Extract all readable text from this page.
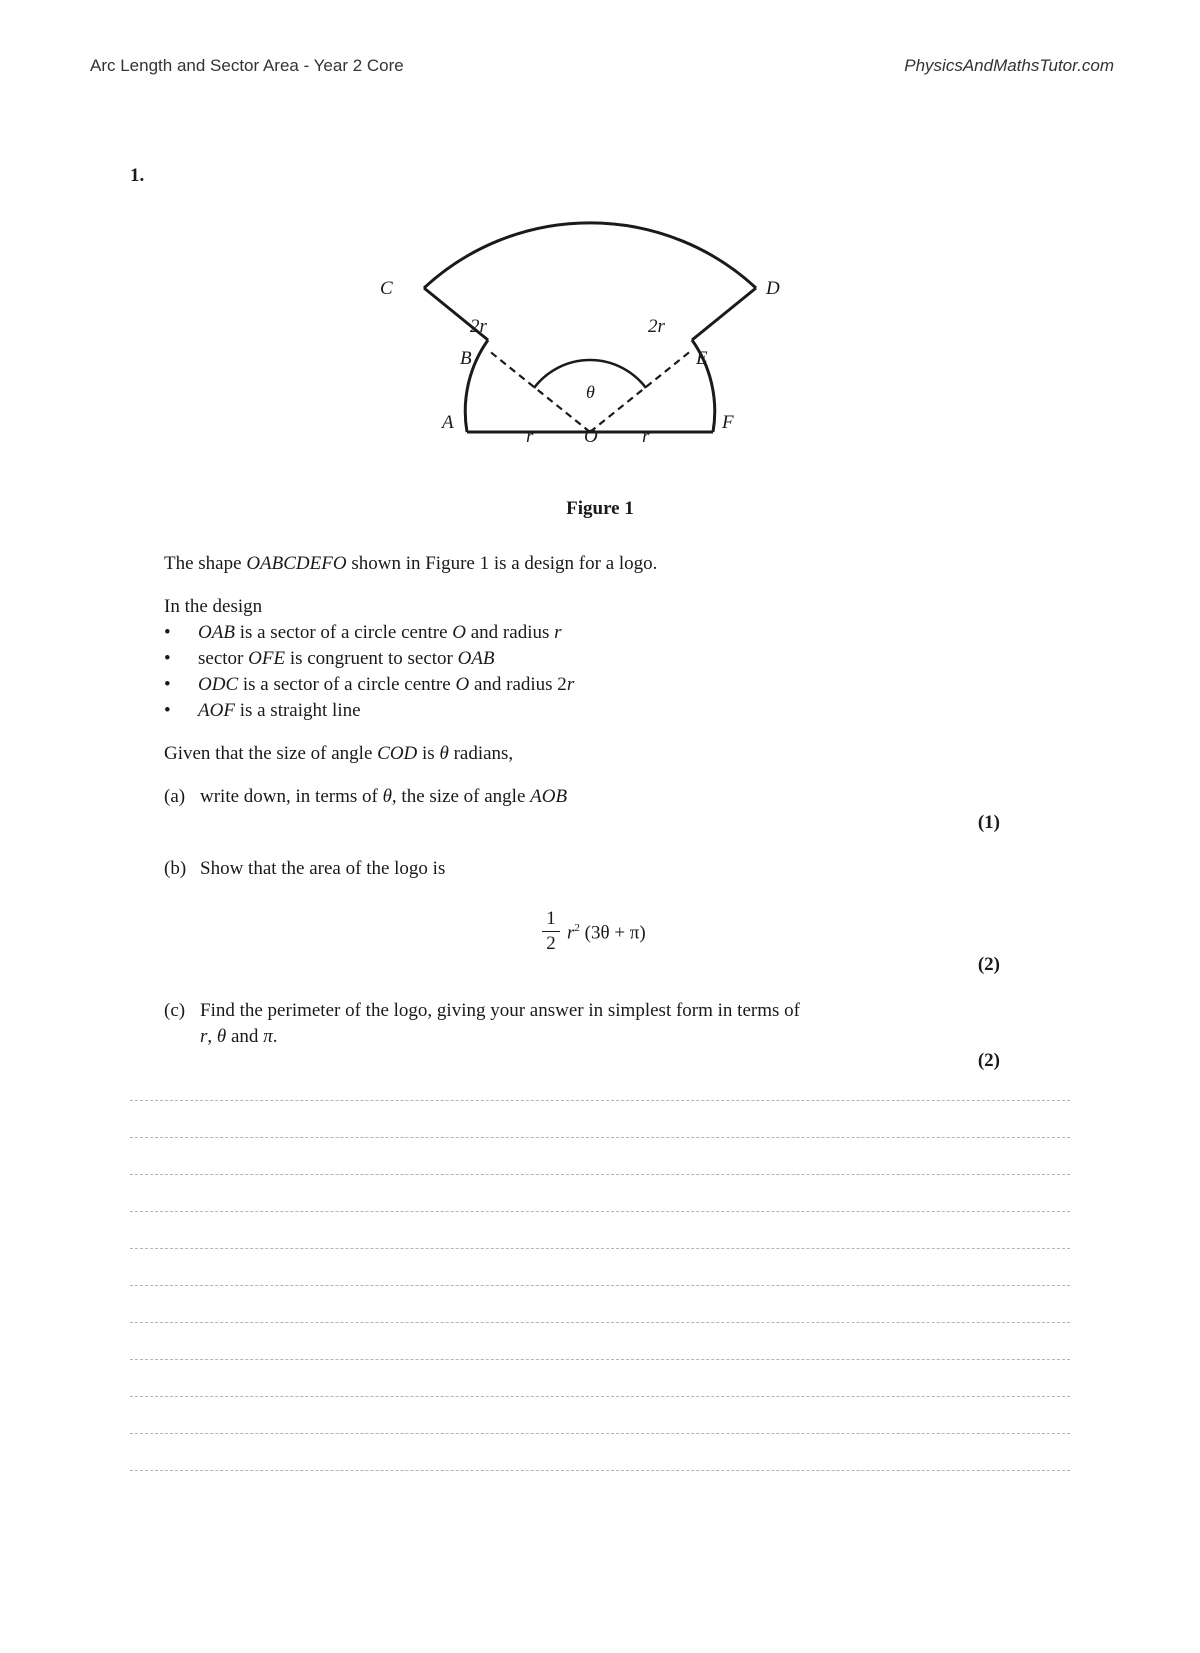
Arc Length and Sector Area - Year 2 Core	PhysicsAndMathsTutor.com
1.
C	D
2r	2r
B	E
θ
A	F
r	O r
Figure 1
The shape OABCDEFO shown in Figure 1 is a design for a logo.
In the design
• OAB is a sector of a circle centre O and radius r
• sector OFE is congruent to sector OAB
• ODC is a sector of a circle centre O and radius 2r
• AOF is a straight line
Given that the size of angle COD is θ radians,
(a) write down, in terms of θ, the size of angle AOB
(1)
(b) Show that the area of the logo is
1
2
$r^2$ (3θ + π)
(2)
(c) Find the perimeter of the logo, giving your answer in simplest form in terms of
r, θ and π.
(2)
